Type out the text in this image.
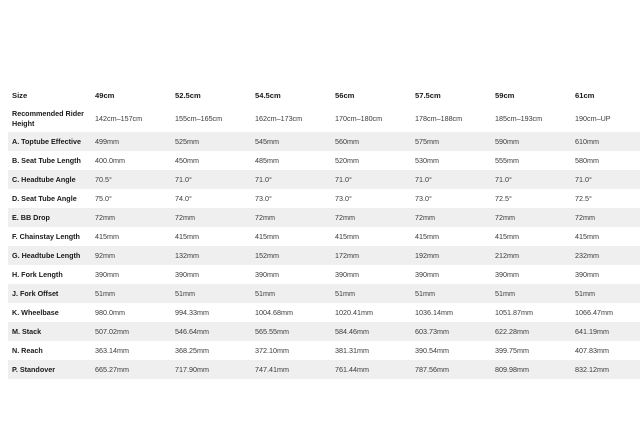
Size	49cm	52.5cm	54.5cm	56cm	57.5cm	59cm	61cm
Recommended Rider Height	142cm–157cm	155cm–165cm	162cm–173cm	170cm–180cm	178cm–188cm	185cm–193cm	190cm–UP
A. Toptube Effective	499mm	525mm	545mm	560mm	575mm	590mm	610mm
B. Seat Tube Length	400.0mm	450mm	485mm	520mm	530mm	555mm	580mm
C. Headtube Angle	70.5°	71.0°	71.0°	71.0°	71.0°	71.0°	71.0°
D. Seat Tube Angle	75.0°	74.0°	73.0°	73.0°	73.0°	72.5°	72.5°
E. BB Drop	72mm	72mm	72mm	72mm	72mm	72mm	72mm
F. Chainstay Length	415mm	415mm	415mm	415mm	415mm	415mm	415mm
G. Headtube Length	92mm	132mm	152mm	172mm	192mm	212mm	232mm
H. Fork Length	390mm	390mm	390mm	390mm	390mm	390mm	390mm
J. Fork Offset	51mm	51mm	51mm	51mm	51mm	51mm	51mm
K. Wheelbase	980.0mm	994.33mm	1004.68mm	1020.41mm	1036.14mm	1051.87mm	1066.47mm
M. Stack	507.02mm	546.64mm	565.55mm	584.46mm	603.73mm	622.28mm	641.19mm
N. Reach	363.14mm	368.25mm	372.10mm	381.31mm	390.54mm	399.75mm	407.83mm
P. Standover	665.27mm	717.90mm	747.41mm	761.44mm	787.56mm	809.98mm	832.12mm
